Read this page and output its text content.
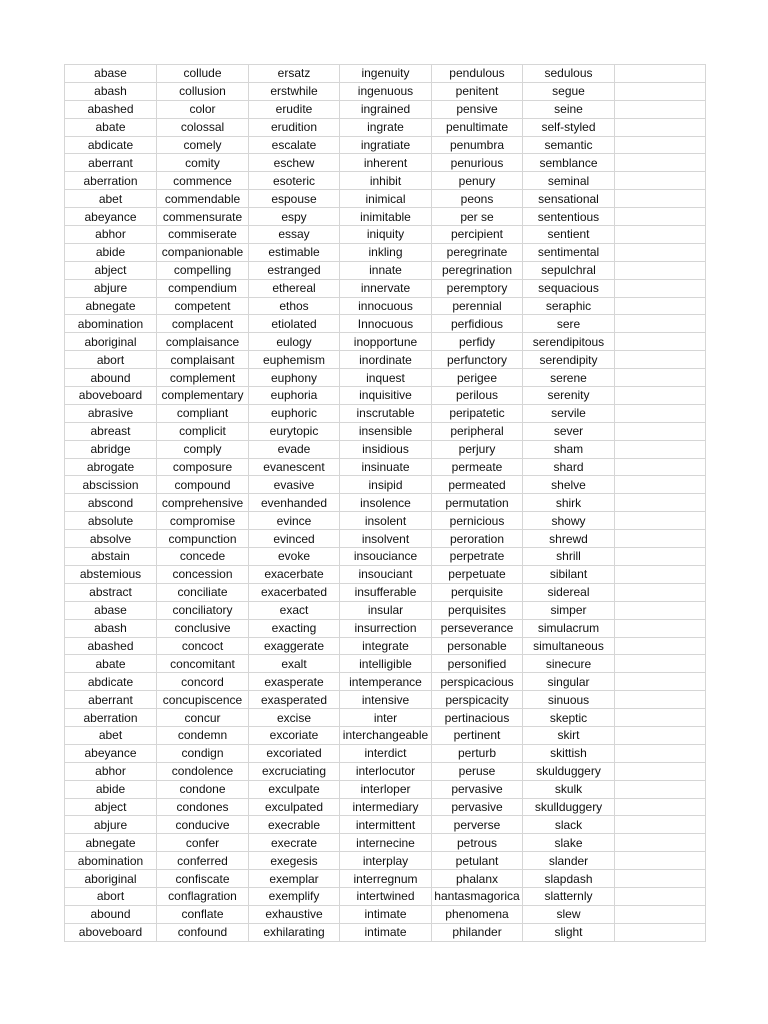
abase	collude	ersatz	ingenuity	pendulous	sedulous	
abash	collusion	erstwhile	ingenuous	penitent	segue	
abashed	color	erudite	ingrained	pensive	seine	
abate	colossal	erudition	ingrate	penultimate	self-styled	
abdicate	comely	escalate	ingratiate	penumbra	semantic	
aberrant	comity	eschew	inherent	penurious	semblance	
aberration	commence	esoteric	inhibit	penury	seminal	
abet	commendable	espouse	inimical	peons	sensational	
abeyance	commensurate	espy	inimitable	per se	sententious	
abhor	commiserate	essay	iniquity	percipient	sentient	
abide	companionable	estimable	inkling	peregrinate	sentimental	
abject	compelling	estranged	innate	peregrination	sepulchral	
abjure	compendium	ethereal	innervate	peremptory	sequacious	
abnegate	competent	ethos	innocuous	perennial	seraphic	
abomination	complacent	etiolated	Innocuous	perfidious	sere	
aboriginal	complaisance	eulogy	inopportune	perfidy	serendipitous	
abort	complaisant	euphemism	inordinate	perfunctory	serendipity	
abound	complement	euphony	inquest	perigee	serene	
aboveboard	complementary	euphoria	inquisitive	perilous	serenity	
abrasive	compliant	euphoric	inscrutable	peripatetic	servile	
abreast	complicit	eurytopic	insensible	peripheral	sever	
abridge	comply	evade	insidious	perjury	sham	
abrogate	composure	evanescent	insinuate	permeate	shard	
abscission	compound	evasive	insipid	permeated	shelve	
abscond	comprehensive	evenhanded	insolence	permutation	shirk	
absolute	compromise	evince	insolent	pernicious	showy	
absolve	compunction	evinced	insolvent	peroration	shrewd	
abstain	concede	evoke	insouciance	perpetrate	shrill	
abstemious	concession	exacerbate	insouciant	perpetuate	sibilant	
abstract	conciliate	exacerbated	insufferable	perquisite	sidereal	
abase	conciliatory	exact	insular	perquisites	simper	
abash	conclusive	exacting	insurrection	perseverance	simulacrum	
abashed	concoct	exaggerate	integrate	personable	simultaneous	
abate	concomitant	exalt	intelligible	personified	sinecure	
abdicate	concord	exasperate	intemperance	perspicacious	singular	
aberrant	concupiscence	exasperated	intensive	perspicacity	sinuous	
aberration	concur	excise	inter	pertinacious	skeptic	
abet	condemn	excoriate	interchangeable	pertinent	skirt	
abeyance	condign	excoriated	interdict	perturb	skittish	
abhor	condolence	excruciating	interlocutor	peruse	skulduggery	
abide	condone	exculpate	interloper	pervasive	skulk	
abject	condones	exculpated	intermediary	pervasive	skullduggery	
abjure	conducive	execrable	intermittent	perverse	slack	
abnegate	confer	execrate	internecine	petrous	slake	
abomination	conferred	exegesis	interplay	petulant	slander	
aboriginal	confiscate	exemplar	interregnum	phalanx	slapdash	
abort	conflagration	exemplify	intertwined	hantasmagorica	slatternly	
abound	conflate	exhaustive	intimate	phenomena	slew	
aboveboard	confound	exhilarating	intimate	philander	slight	
